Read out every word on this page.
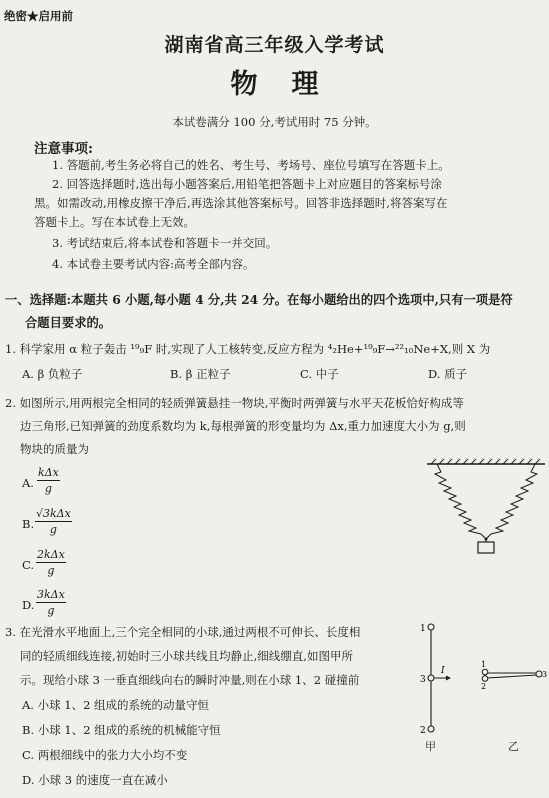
绝密★启用前
湖南省高三年级入学考试
物理
本试卷满分 100 分,考试用时 75 分钟。
注意事项:
1. 答题前,考生务必将自己的姓名、考生号、考场号、座位号填写在答题卡上。
2. 回答选择题时,选出每小题答案后,用铅笔把答题卡上对应题目的答案标号涂
黑。如需改动,用橡皮擦干净后,再选涂其他答案标号。回答非选择题时,将答案写在
答题卡上。写在本试卷上无效。
3. 考试结束后,将本试卷和答题卡一并交回。
4. 本试卷主要考试内容:高考全部内容。
一、选择题:本题共 6 小题,每小题 4 分,共 24 分。在每小题给出的四个选项中,只有一项是符
合题目要求的。
1. 科学家用 α 粒子轰击 ¹⁹₉F 时,实现了人工核转变,反应方程为 ⁴₂He+¹⁹₉F→²²₁₀Ne+X,则 X 为
A. β 负粒子	B. β 正粒子	C. 中子	D. 质子
2. 如图所示,用两根完全相同的轻质弹簧悬挂一物块,平衡时两弹簧与水平天花板恰好构成等
边三角形,已知弹簧的劲度系数均为 k,每根弹簧的形变量均为 Δx,重力加速度大小为 g,则
物块的质量为
A.
kΔx
g
B.
√3kΔx
g
C.
2kΔx
g
D.
3kΔx
g
3. 在光滑水平地面上,三个完全相同的小球,通过两根不可伸长、长度相
同的轻质细线连接,初始时三小球共线且均静止,细线绷直,如图甲所
示。现给小球 3 一垂直细线向右的瞬时冲量,则在小球 1、2 碰撞前
A. 小球 1、2 组成的系统的动量守恒
B. 小球 1、2 组成的系统的机械能守恒
C. 两根细线中的张力大小均不变
D. 小球 3 的速度一直在减小
1
3
2
I
甲
1
2
3
乙
